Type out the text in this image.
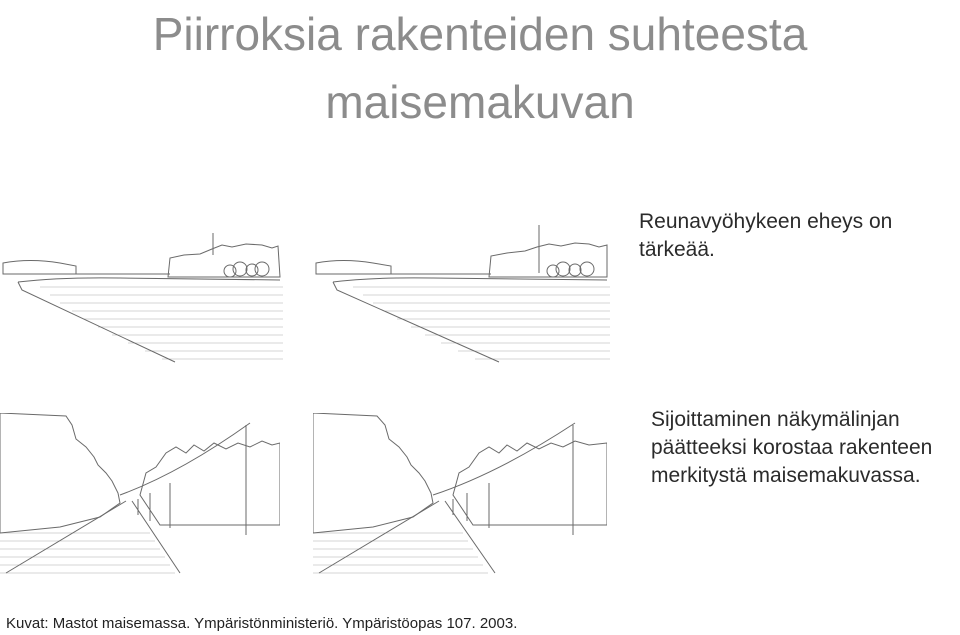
Piirroksia rakenteiden suhteesta
maisemakuvan

Reunavyöhykeen eheys on
tärkeää.

Sijoittaminen näkymälinjan
päätteeksi korostaa rakenteen
merkitystä maisemakuvassa.

Kuvat: Mastot maisemassa. Ympäristönministeriö. Ympäristöopas 107. 2003.
